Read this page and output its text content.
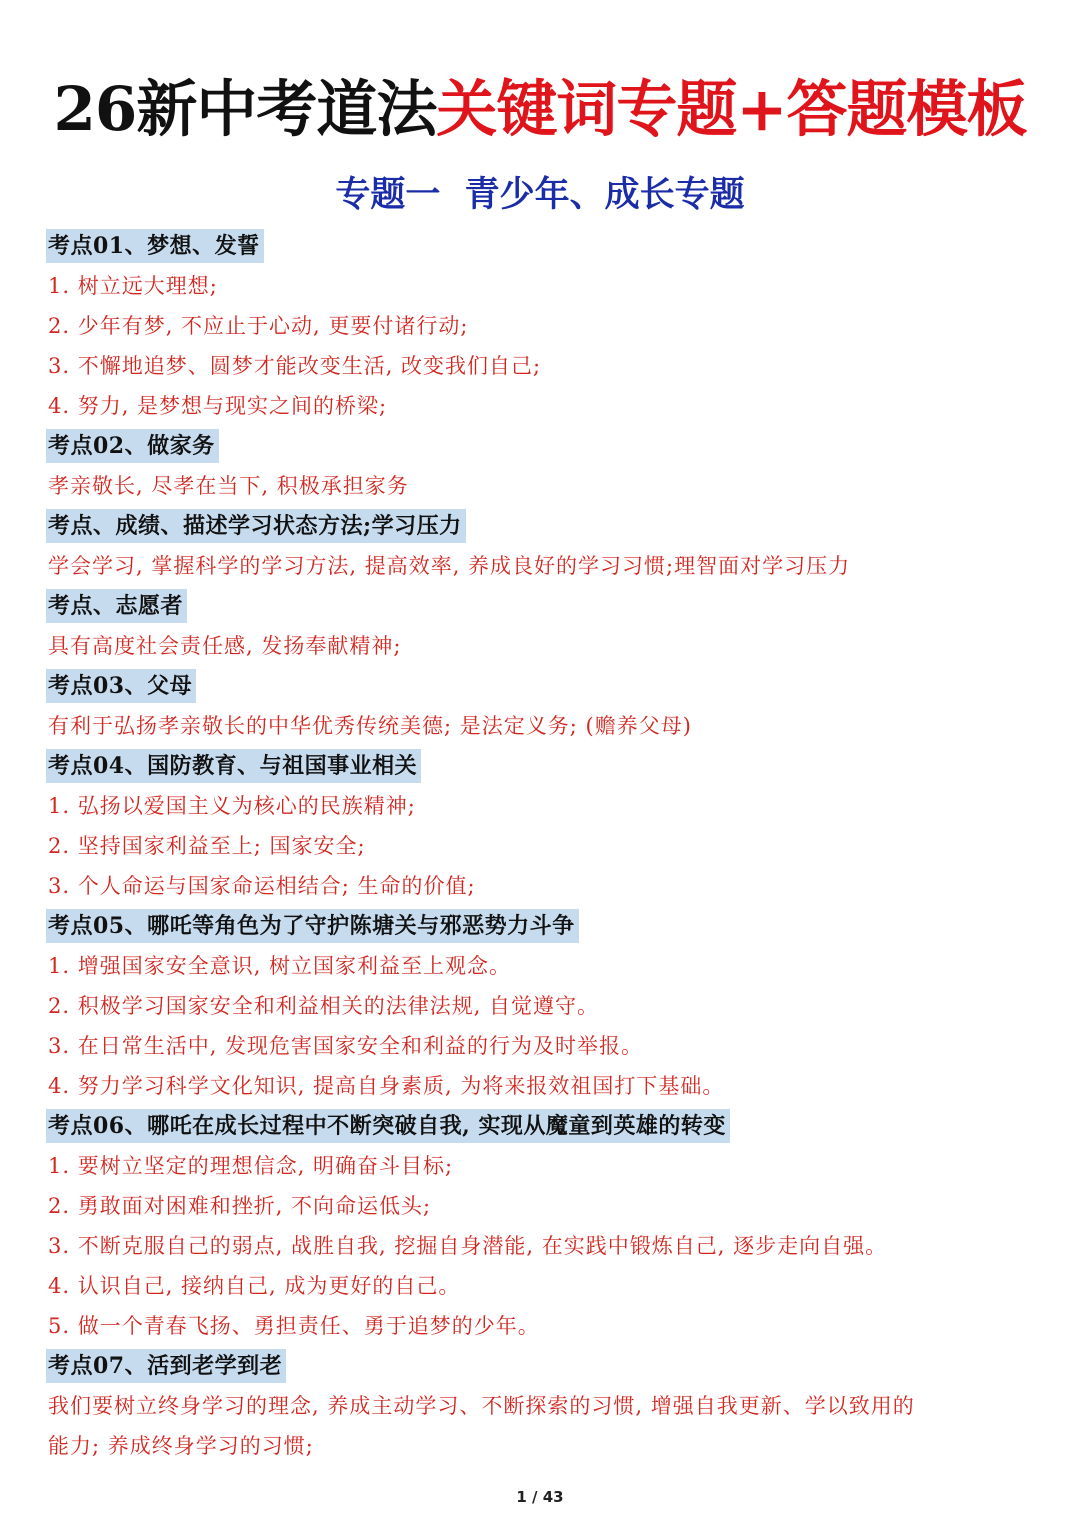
26新中考道法关键词专题+答题模板
专题一  青少年、成长专题
考点01、梦想、发誓
1. 树立远大理想;
2. 少年有梦, 不应止于心动, 更要付诸行动;
3. 不懈地追梦、圆梦才能改变生活, 改变我们自己;
4. 努力, 是梦想与现实之间的桥梁;
考点02、做家务
孝亲敬长, 尽孝在当下, 积极承担家务
考点、成绩、描述学习状态方法;学习压力
学会学习, 掌握科学的学习方法, 提高效率, 养成良好的学习习惯;理智面对学习压力
考点、志愿者
具有高度社会责任感, 发扬奉献精神;
考点03、父母
有利于弘扬孝亲敬长的中华优秀传统美德; 是法定义务; (赡养父母)
考点04、国防教育、与祖国事业相关
1. 弘扬以爱国主义为核心的民族精神;
2. 坚持国家利益至上; 国家安全;
3. 个人命运与国家命运相结合; 生命的价值;
考点05、哪吒等角色为了守护陈塘关与邪恶势力斗争
1. 增强国家安全意识, 树立国家利益至上观念。
2. 积极学习国家安全和利益相关的法律法规, 自觉遵守。
3. 在日常生活中, 发现危害国家安全和利益的行为及时举报。
4. 努力学习科学文化知识, 提高自身素质, 为将来报效祖国打下基础。
考点06、哪吒在成长过程中不断突破自我, 实现从魔童到英雄的转变
1. 要树立坚定的理想信念, 明确奋斗目标;
2. 勇敢面对困难和挫折, 不向命运低头;
3. 不断克服自己的弱点, 战胜自我, 挖掘自身潜能, 在实践中锻炼自己, 逐步走向自强。
4. 认识自己, 接纳自己, 成为更好的自己。
5. 做一个青春飞扬、勇担责任、勇于追梦的少年。
考点07、活到老学到老
我们要树立终身学习的理念, 养成主动学习、不断探索的习惯, 增强自我更新、学以致用的
能力; 养成终身学习的习惯;
1 / 43
